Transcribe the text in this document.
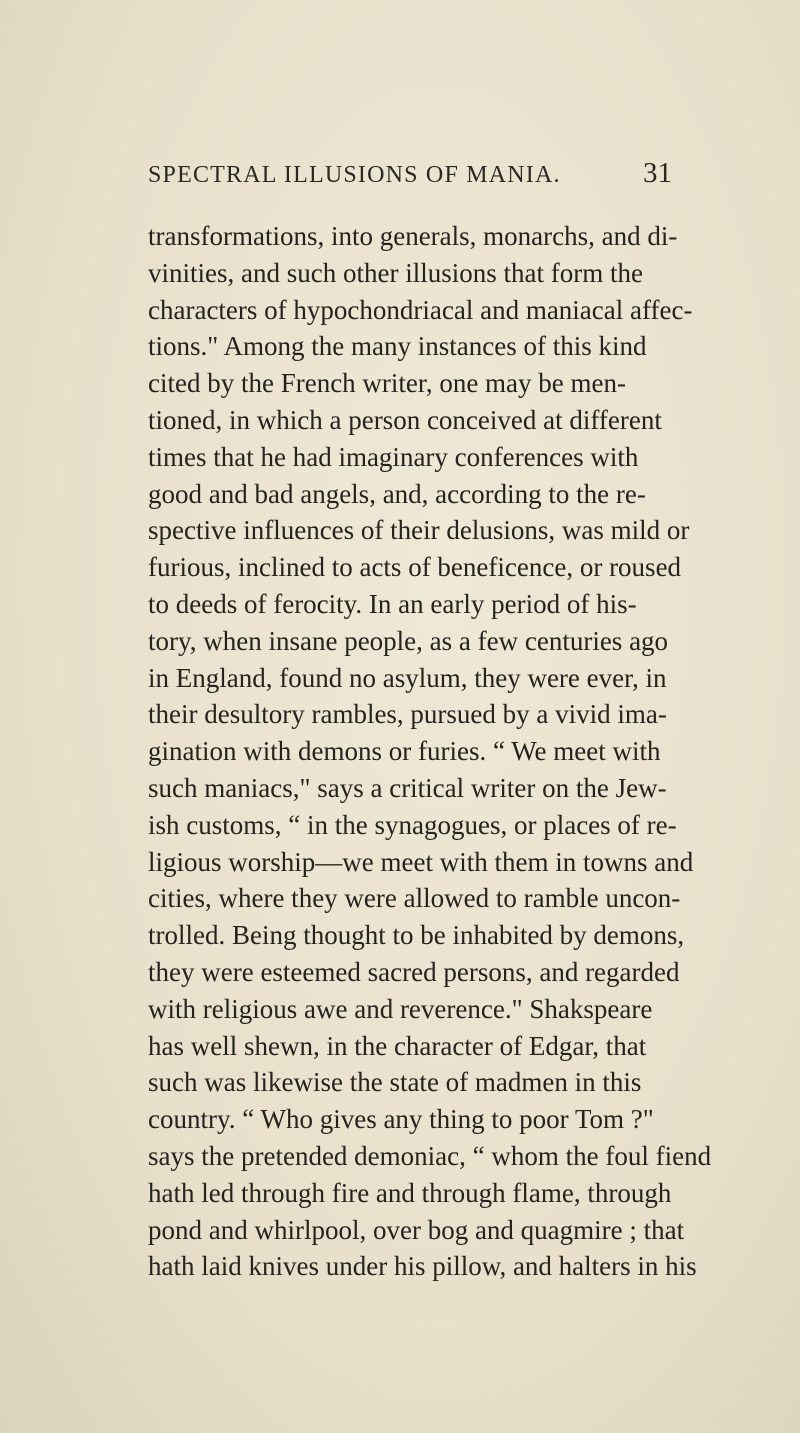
SPECTRAL ILLUSIONS OF MANIA.	31
transformations, into generals, monarchs, and di-
vinities, and such other illusions that form the
characters of hypochondriacal and maniacal affec-
tions." Among the many instances of this kind
cited by the French writer, one may be men-
tioned, in which a person conceived at different
times that he had imaginary conferences with
good and bad angels, and, according to the re-
spective influences of their delusions, was mild or
furious, inclined to acts of beneficence, or roused
to deeds of ferocity. In an early period of his-
tory, when insane people, as a few centuries ago
in England, found no asylum, they were ever, in
their desultory rambles, pursued by a vivid ima-
gination with demons or furies. “ We meet with
such maniacs," says a critical writer on the Jew-
ish customs, “ in the synagogues, or places of re-
ligious worship—we meet with them in towns and
cities, where they were allowed to ramble uncon-
trolled. Being thought to be inhabited by demons,
they were esteemed sacred persons, and regarded
with religious awe and reverence." Shakspeare
has well shewn, in the character of Edgar, that
such was likewise the state of madmen in this
country. “ Who gives any thing to poor Tom ?"
says the pretended demoniac, “ whom the foul fiend
hath led through fire and through flame, through
pond and whirlpool, over bog and quagmire ; that
hath laid knives under his pillow, and halters in his
